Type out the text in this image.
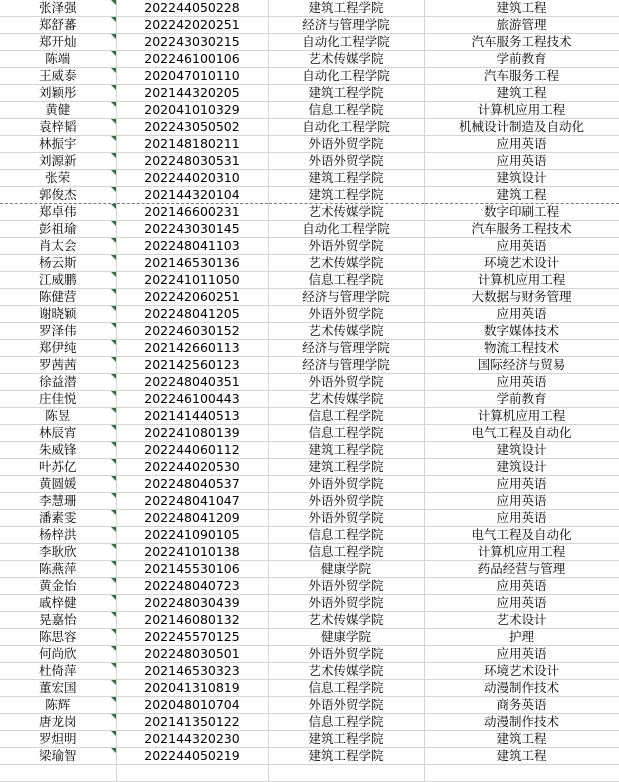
张泽强	202244050228	建筑工程学院	建筑工程
郑舒蕃	202242020251	经济与管理学院	旅游管理
郑开灿	202243030215	自动化工程学院	汽车服务工程技术
陈端	202246100106	艺术传媒学院	学前教育
王威泰	202047010110	自动化工程学院	汽车服务工程
刘颖彤	202144320205	建筑工程学院	建筑工程
黄健	202041010329	信息工程学院	计算机应用工程
袁梓韬	202243050502	自动化工程学院	机械设计制造及自动化
林振宇	202148180211	外语外贸学院	应用英语
刘源新	202248030531	外语外贸学院	应用英语
张荣	202244020310	建筑工程学院	建筑设计
郭俊杰	202144320104	建筑工程学院	建筑工程
郑卓伟	202146600231	艺术传媒学院	数字印刷工程
彭祖瑜	202243030145	自动化工程学院	汽车服务工程技术
肖太会	202248041103	外语外贸学院	应用英语
杨云斯	202146530136	艺术传媒学院	环境艺术设计
江威鹏	202241011050	信息工程学院	计算机应用工程
陈健营	202242060251	经济与管理学院	大数据与财务管理
谢晓颖	202248041205	外语外贸学院	应用英语
罗泽伟	202246030152	艺术传媒学院	数字媒体技术
郑伊纯	202142660113	经济与管理学院	物流工程技术
罗茜茜	202142560123	经济与管理学院	国际经济与贸易
徐益潜	202248040351	外语外贸学院	应用英语
庄佳悦	202246100443	艺术传媒学院	学前教育
陈昱	202141440513	信息工程学院	计算机应用工程
林辰宵	202241080139	信息工程学院	电气工程及自动化
朱威锋	202244060112	建筑工程学院	建筑设计
叶苏亿	202244020530	建筑工程学院	建筑设计
黄圆媛	202248040537	外语外贸学院	应用英语
李慧珊	202248041047	外语外贸学院	应用英语
潘素雯	202248041209	外语外贸学院	应用英语
杨梓洪	202241090105	信息工程学院	电气工程及自动化
李耿欣	202241010138	信息工程学院	计算机应用工程
陈燕萍	202145530106	健康学院	药品经营与管理
黄金怡	202248040723	外语外贸学院	应用英语
戚梓健	202248030439	外语外贸学院	应用英语
晃嘉怡	202146080132	艺术传媒学院	艺术设计
陈思容	202245570125	健康学院	护理
何尚欣	202248030501	外语外贸学院	应用英语
杜倚萍	202146530323	艺术传媒学院	环境艺术设计
董宏国	202041310819	信息工程学院	动漫制作技术
陈辉	202048010704	外语外贸学院	商务英语
唐龙岗	202141350122	信息工程学院	动漫制作技术
罗炟明	202144320230	建筑工程学院	建筑工程
梁瑜智	202244050219	建筑工程学院	建筑工程
